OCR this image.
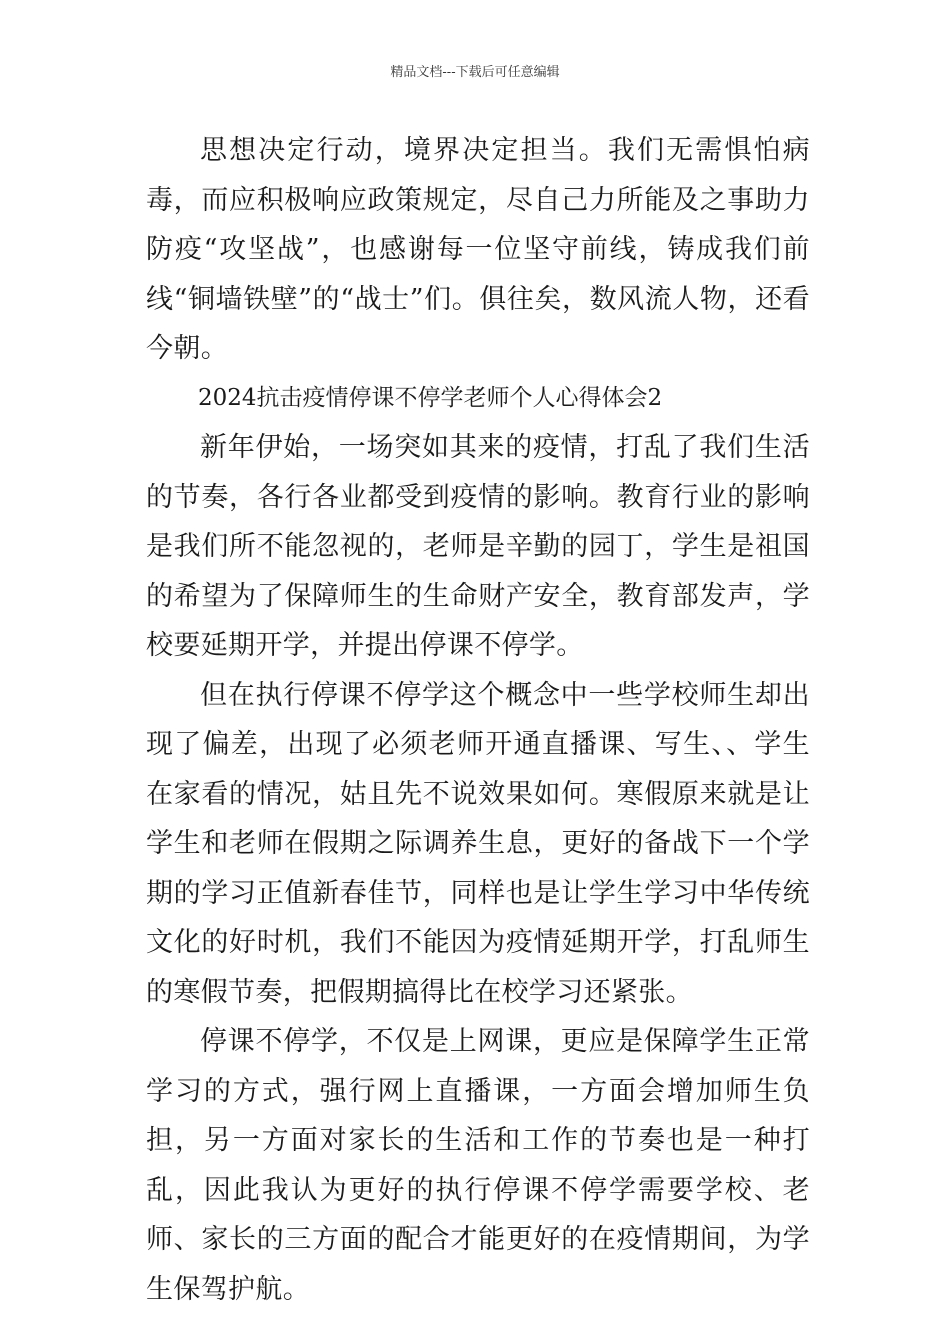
精品文档---下载后可任意编辑

思想决定行动，境界决定担当。我们无需惧怕病毒，而应积极响应政策规定，尽自己力所能及之事助力防疫“攻坚战”，也感谢每一位坚守前线，铸成我们前线“铜墙铁壁”的“战士”们。俱往矣，数风流人物，还看今朝。

2024抗击疫情停课不停学老师个人心得体会2

新年伊始，一场突如其来的疫情，打乱了我们生活的节奏，各行各业都受到疫情的影响。教育行业的影响是我们所不能忽视的，老师是辛勤的园丁，学生是祖国的希望为了保障师生的生命财产安全，教育部发声，学校要延期开学，并提出停课不停学。

但在执行停课不停学这个概念中一些学校师生却出现了偏差，出现了必须老师开通直播课、写生、、学生在家看的情况，姑且先不说效果如何。寒假原来就是让学生和老师在假期之际调养生息，更好的备战下一个学期的学习正值新春佳节，同样也是让学生学习中华传统文化的好时机，我们不能因为疫情延期开学，打乱师生的寒假节奏，把假期搞得比在校学习还紧张。

停课不停学，不仅是上网课，更应是保障学生正常学习的方式，强行网上直播课，一方面会增加师生负担，另一方面对家长的生活和工作的节奏也是一种打乱，因此我认为更好的执行停课不停学需要学校、老师、家长的三方面的配合才能更好的在疫情期间，为学生保驾护航。
